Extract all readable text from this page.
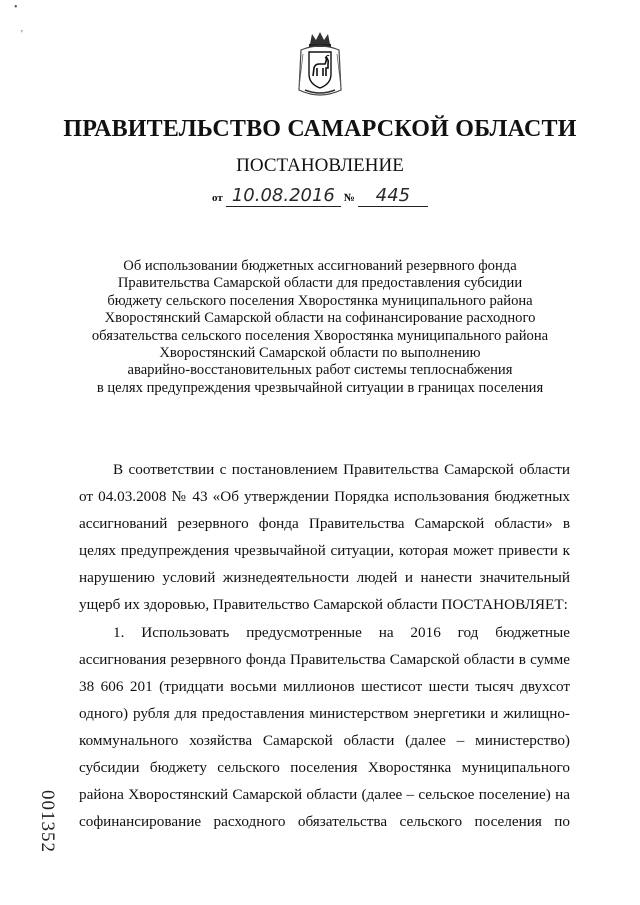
•
'
ПРАВИТЕЛЬСТВО САМАРСКОЙ ОБЛАСТИ
ПОСТАНОВЛЕНИЕ
от 10.08.2016 № 445
Об использовании бюджетных ассигнований резервного фонда
Правительства Самарской области для предоставления субсидии
бюджету сельского поселения Хворостянка муниципального района
Хворостянский Самарской области на софинансирование расходного
обязательства сельского поселения Хворостянка муниципального района
Хворостянский Самарской области по выполнению
аварийно-восстановительных работ системы теплоснабжения
в целях предупреждения чрезвычайной ситуации в границах поселения
В соответствии с постановлением Правительства Самарской области
от 04.03.2008 № 43 «Об утверждении Порядка использования бюджетных
ассигнований резервного фонда Правительства Самарской области» в
целях предупреждения чрезвычайной ситуации, которая может привести к
нарушению условий жизнедеятельности людей и нанести значительный
ущерб их здоровью, Правительство Самарской области ПОСТАНОВЛЯЕТ:
1. Использовать предусмотренные на 2016 год бюджетные
ассигнования резервного фонда Правительства Самарской области в сумме
38 606 201 (тридцати восьми миллионов шестисот шести тысяч двухсот
одного) рубля для предоставления министерством энергетики и жилищно-
коммунального хозяйства Самарской области (далее – министерство)
субсидии бюджету сельского поселения Хворостянка муниципального
района Хворостянский Самарской области (далее – сельское поселение) на
софинансирование расходного обязательства сельского поселения по
001352
